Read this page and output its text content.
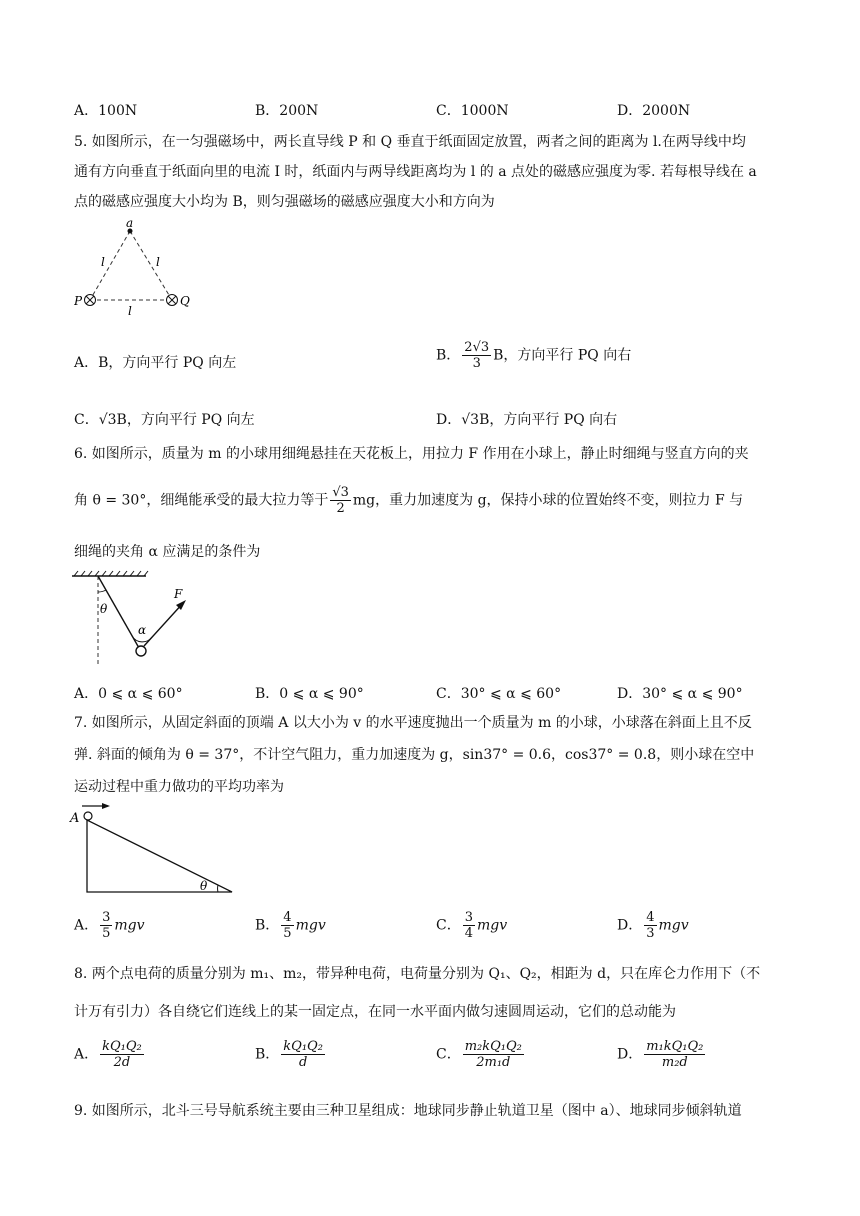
A．100N	B．200N	C．1000N	D．2000N
5. 如图所示，在一匀强磁场中，两长直导线 P 和 Q 垂直于纸面固定放置，两者之间的距离为 l.在两导线中均
通有方向垂直于纸面向里的电流 I 时，纸面内与两导线距离均为 l 的 a 点处的磁感应强度为零. 若每根导线在 a
点的磁感应强度大小均为 B，则匀强磁场的磁感应强度大小和方向为
a
l	l
l
P	Q
A．B，方向平行 PQ 向左	B． $\frac{2√3}{3}$ B，方向平行 PQ 向右
C．√3B，方向平行 PQ 向左	D．√3B，方向平行 PQ 向右
6. 如图所示，质量为 m 的小球用细绳悬挂在天花板上，用拉力 F 作用在小球上，静止时细绳与竖直方向的夹
角 θ = 30°，细绳能承受的最大拉力等于 $\frac{√3}{2}$ mg，重力加速度为 g，保持小球的位置始终不变，则拉力 F 与
细绳的夹角 α 应满足的条件为
θ
F
α
A．0 ⩽ α ⩽ 60°	B．0 ⩽ α ⩽ 90°	C．30° ⩽ α ⩽ 60°	D．30° ⩽ α ⩽ 90°
7. 如图所示，从固定斜面的顶端 A 以大小为 v 的水平速度抛出一个质量为 m 的小球，小球落在斜面上且不反
弹. 斜面的倾角为 θ = 37°，不计空气阻力，重力加速度为 g，sin37° = 0.6，cos37° = 0.8，则小球在空中
运动过程中重力做功的平均功率为
A
θ
A． $\frac{3}{5}$ mgv	B． $\frac{4}{5}$ mgv	C． $\frac{3}{4}$ mgv	D． $\frac{4}{3}$ mgv
8. 两个点电荷的质量分别为 m₁、m₂，带异种电荷，电荷量分别为 Q₁、Q₂，相距为 d，只在库仑力作用下（不
计万有引力）各自绕它们连线上的某一固定点，在同一水平面内做匀速圆周运动，它们的总动能为
A． $\frac{\text{kQ₁Q₂}}{2d}$	B． $\frac{\text{kQ₁Q₂}}{d}$	C． $\frac{\text{m₂kQ₁Q₂}}{\text{2m₁d}}$	D． $\frac{\text{m₁kQ₁Q₂}}{\text{m₂d}}$
9. 如图所示，北斗三号导航系统主要由三种卫星组成：地球同步静止轨道卫星（图中 a）、地球同步倾斜轨道
